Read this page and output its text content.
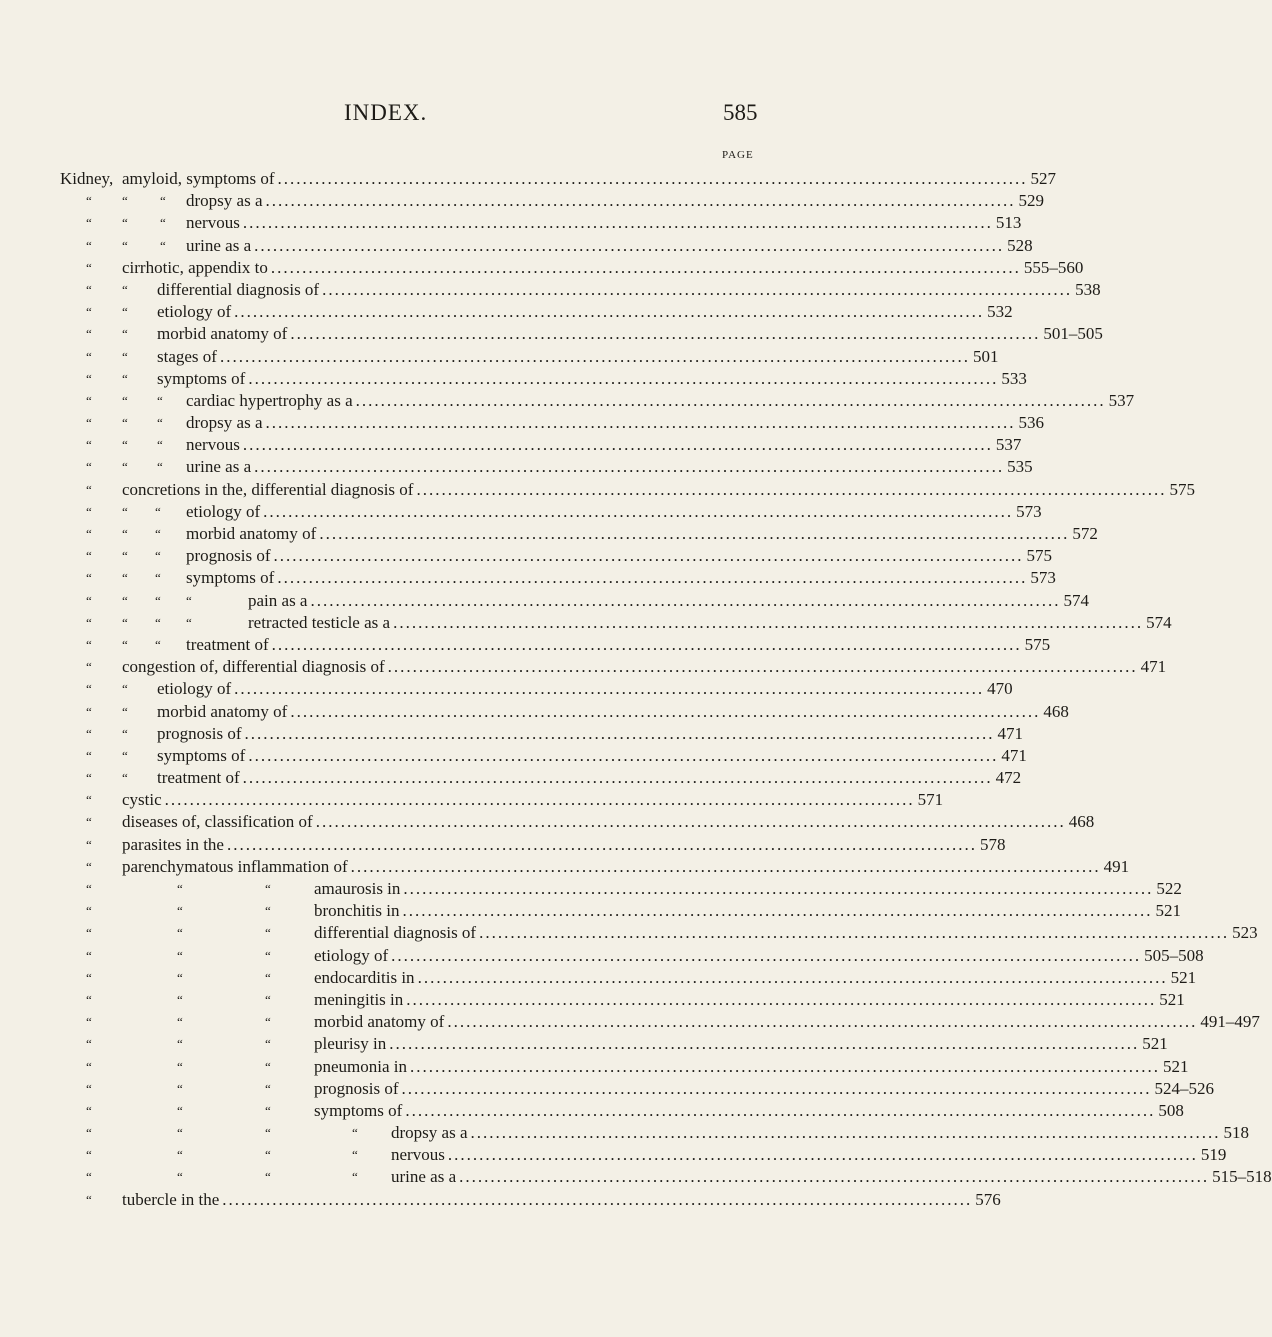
INDEX.	585
PAGE
Kidney, amyloid, symptoms of ........................................................................................................................ 527
“ “ “ dropsy as a ........................................................................................................................ 529
“ “ “ nervous ........................................................................................................................ 513
“ “ “ urine as a ........................................................................................................................ 528
“ cirrhotic, appendix to ........................................................................................................................ 555–560
“ “ differential diagnosis of ........................................................................................................................ 538
“ “ etiology of ........................................................................................................................ 532
“ “ morbid anatomy of ........................................................................................................................ 501–505
“ “ stages of ........................................................................................................................ 501
“ “ symptoms of ........................................................................................................................ 533
“ “ “ cardiac hypertrophy as a ........................................................................................................................ 537
“ “ “ dropsy as a ........................................................................................................................ 536
“ “ “ nervous ........................................................................................................................ 537
“ “ “ urine as a ........................................................................................................................ 535
“ concretions in the, differential diagnosis of ........................................................................................................................ 575
“ “ “ etiology of ........................................................................................................................ 573
“ “ “ morbid anatomy of ........................................................................................................................ 572
“ “ “ prognosis of ........................................................................................................................ 575
“ “ “ symptoms of ........................................................................................................................ 573
“ “ “ “	pain as a ........................................................................................................................ 574
“ “ “ “	retracted testicle as a ........................................................................................................................ 574
“ “ “ treatment of ........................................................................................................................ 575
“ congestion of, differential diagnosis of ........................................................................................................................ 471
“ “ etiology of ........................................................................................................................ 470
“ “ morbid anatomy of ........................................................................................................................ 468
“ “ prognosis of ........................................................................................................................ 471
“ “ symptoms of ........................................................................................................................ 471
“ “ treatment of ........................................................................................................................ 472
“ cystic ........................................................................................................................ 571
“ diseases of, classification of ........................................................................................................................ 468
“ parasites in the ........................................................................................................................ 578
“ parenchymatous inflammation of ........................................................................................................................ 491
“	“	“	amaurosis in ........................................................................................................................ 522
“	“	“	bronchitis in ........................................................................................................................ 521
“	“	“	differential diagnosis of ........................................................................................................................ 523
“	“	“	etiology of ........................................................................................................................ 505–508
“	“	“	endocarditis in ........................................................................................................................ 521
“	“	“	meningitis in ........................................................................................................................ 521
“	“	“	morbid anatomy of ........................................................................................................................ 491–497
“	“	“	pleurisy in ........................................................................................................................ 521
“	“	“	pneumonia in ........................................................................................................................ 521
“	“	“	prognosis of ........................................................................................................................ 524–526
“	“	“	symptoms of ........................................................................................................................ 508
“	“	“	“ dropsy as a ........................................................................................................................ 518
“	“	“	“ nervous ........................................................................................................................ 519
“	“	“	“ urine as a ........................................................................................................................ 515–518
“ tubercle in the ........................................................................................................................ 576
